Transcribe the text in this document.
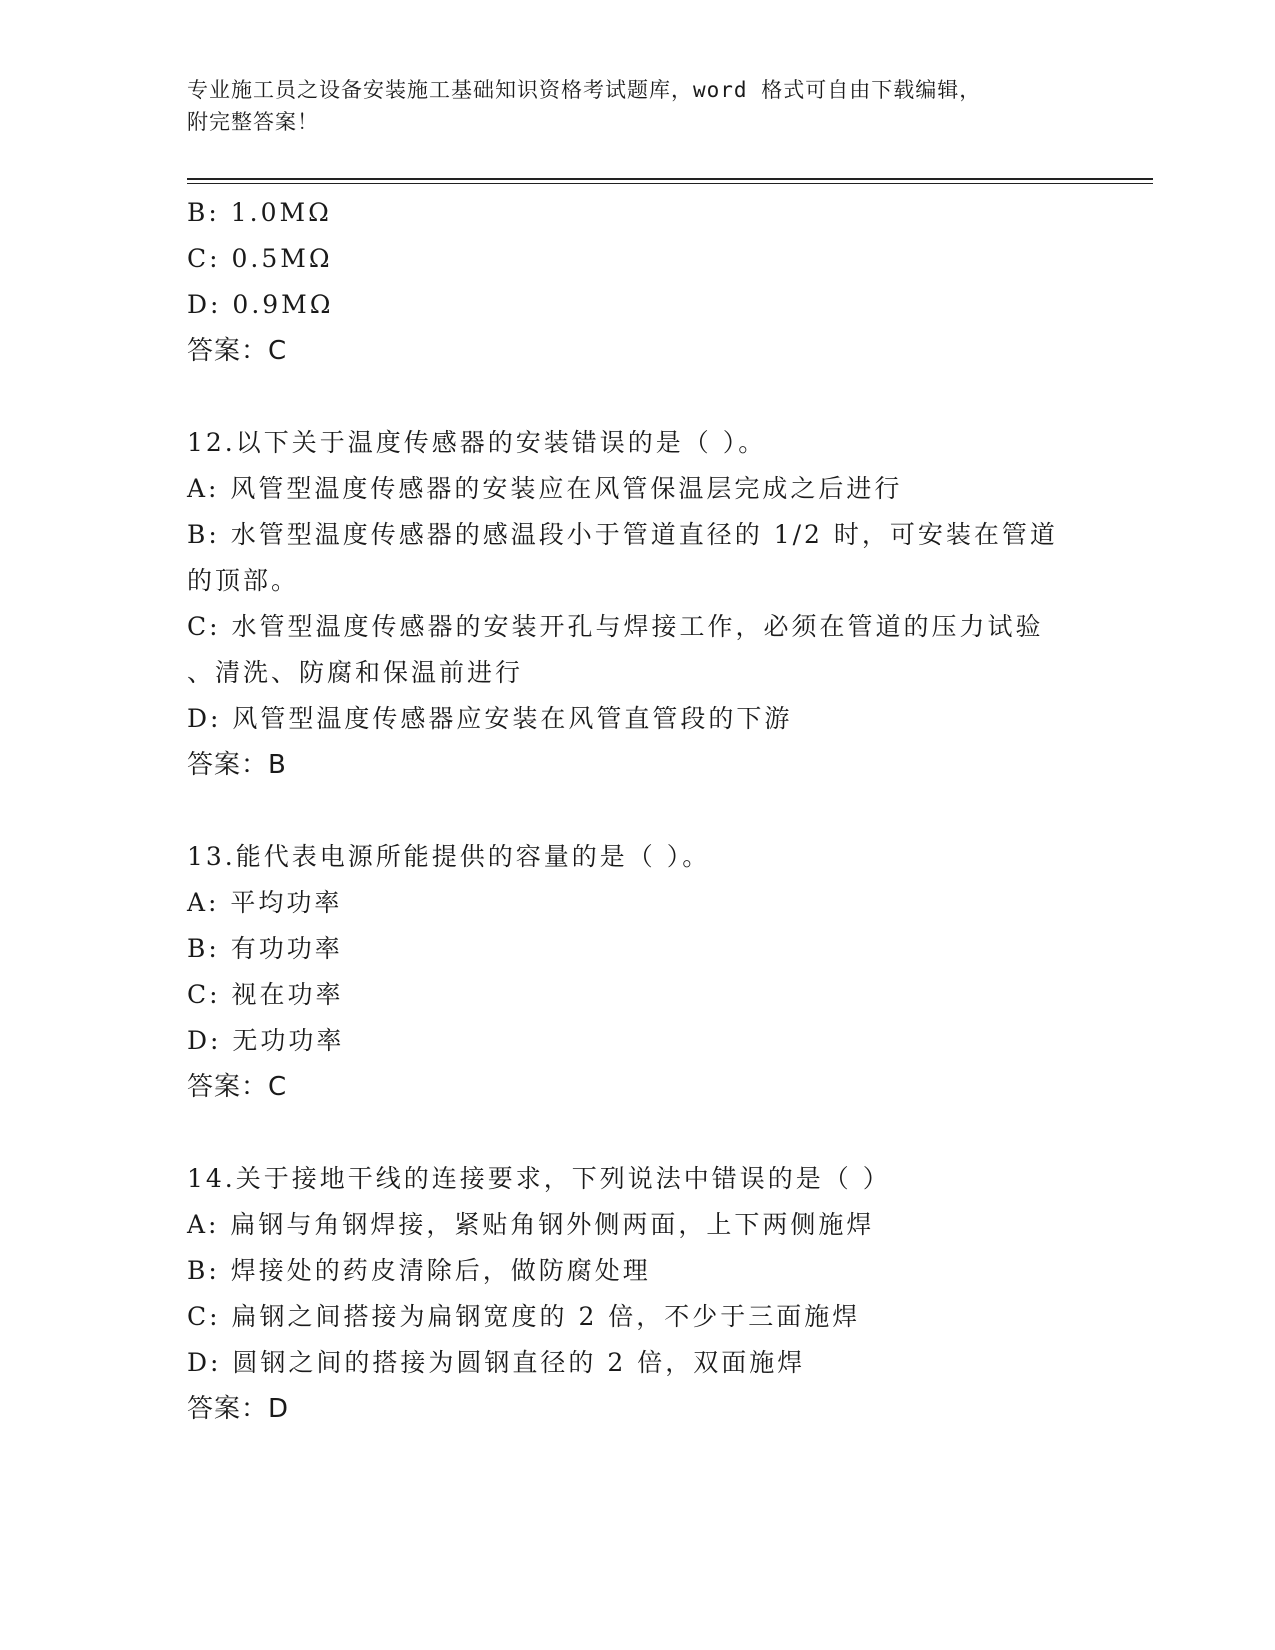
专业施工员之设备安装施工基础知识资格考试题库，word 格式可自由下载编辑，
附完整答案！
B: 1.0MΩ
C: 0.5MΩ
D: 0.9MΩ
答案：C
12.以下关于温度传感器的安装错误的是（ ）。
A: 风管型温度传感器的安装应在风管保温层完成之后进行
B: 水管型温度传感器的感温段小于管道直径的 1/2 时，可安装在管道
的顶部。
C: 水管型温度传感器的安装开孔与焊接工作，必须在管道的压力试验
、清洗、防腐和保温前进行
D: 风管型温度传感器应安装在风管直管段的下游
答案：B
13.能代表电源所能提供的容量的是（ ）。
A: 平均功率
B: 有功功率
C: 视在功率
D: 无功功率
答案：C
14.关于接地干线的连接要求，下列说法中错误的是（ ）
A: 扁钢与角钢焊接，紧贴角钢外侧两面，上下两侧施焊
B: 焊接处的药皮清除后，做防腐处理
C: 扁钢之间搭接为扁钢宽度的 2 倍，不少于三面施焊
D: 圆钢之间的搭接为圆钢直径的 2 倍，双面施焊
答案：D
